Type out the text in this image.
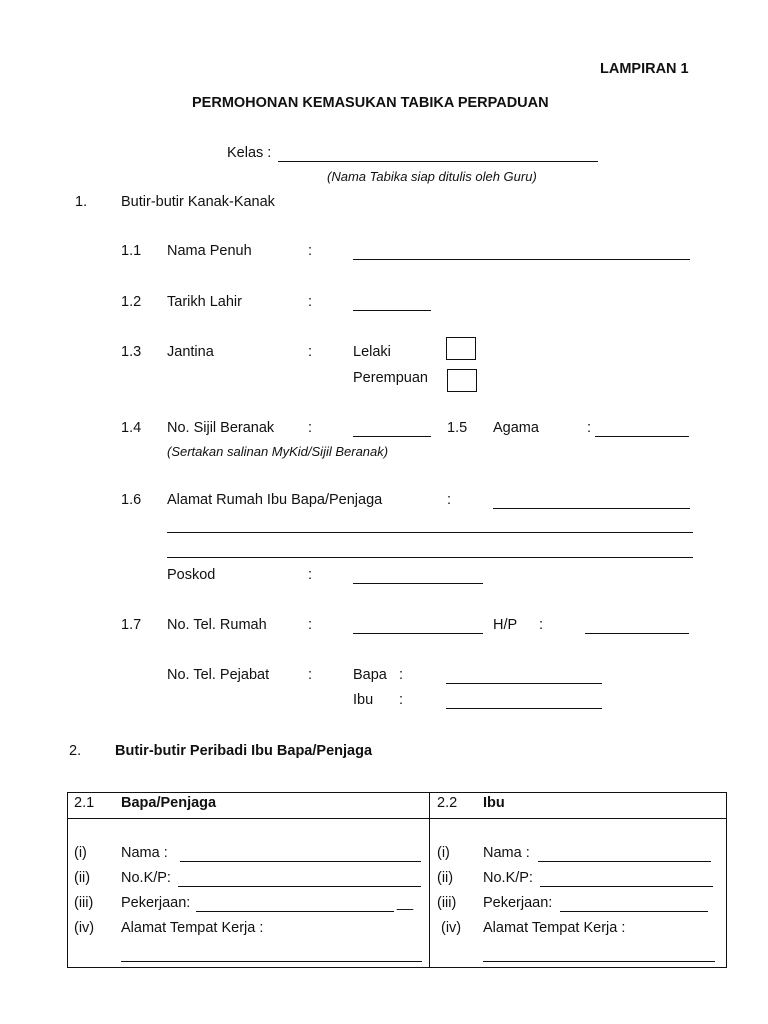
LAMPIRAN 1
PERMOHONAN KEMASUKAN TABIKA PERPADUAN
Kelas :
(Nama Tabika siap ditulis oleh Guru)
1. Butir-butir Kanak-Kanak
1.1 Nama Penuh	:
1.2 Tarikh Lahir	:
1.3 Jantina	:	Lelaki
Perempuan
1.4 No. Sijil Beranak :	1.5 Agama	:
(Sertakan salinan MyKid/Sijil Beranak)
1.6 Alamat Rumah Ibu Bapa/Penjaga	:
Poskod	:
1.7 No. Tel. Rumah	:	H/P :
No. Tel. Pejabat	:	Bapa :
Ibu :
2. Butir-butir Peribadi Ibu Bapa/Penjaga
2.1 Bapa/Penjaga
(i) Nama :
(ii) No.K/P:
(iii) Pekerjaan:	__
(iv) Alamat Tempat Kerja :
2.2 Ibu
(i) Nama :
(ii) No.K/P:
(iii) Pekerjaan:
(iv) Alamat Tempat Kerja :
